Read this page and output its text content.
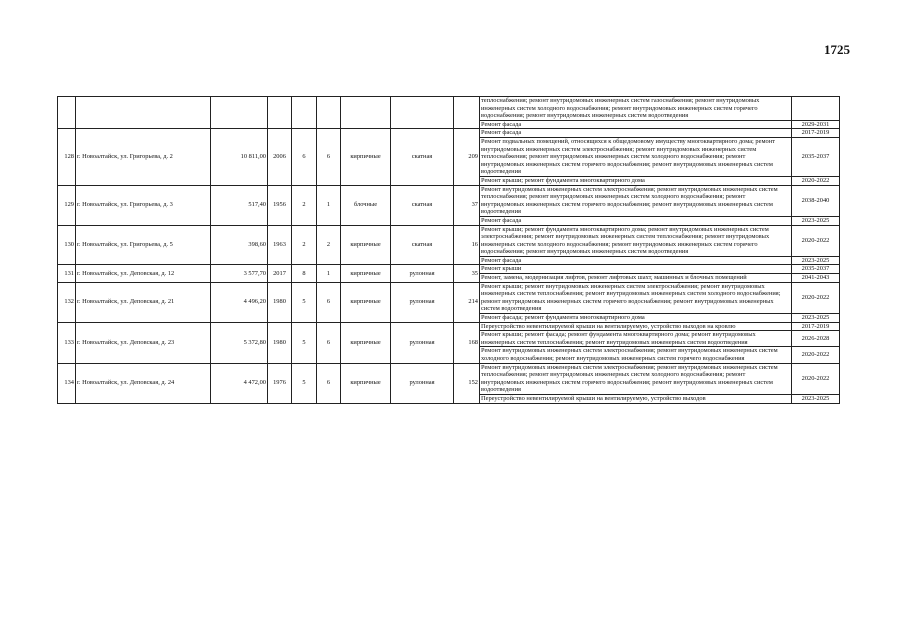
1725
									теплоснабжения; ремонт внутридомовых инженерных систем газоснабжения; ремонт внутридомовых инженерных систем холодного водоснабжения; ремонт внутридомовых инженерных систем горячего водоснабжения; ремонт внутридомовых инженерных систем водоотведения	
									Ремонт фасада	2029-2031
128	г. Новоалтайск, ул. Григорьева, д. 2	10 811,00	2006	6	6	кирпичные	скатная	209	Ремонт фасада	2017-2019
									Ремонт подвальных помещений, относящихся к общедомовому имуществу многоквартирного дома; ремонт внутридомовых инженерных систем электроснабжения; ремонт внутридомовых инженерных систем теплоснабжения; ремонт внутридомовых инженерных систем холодного водоснабжения; ремонт внутридомовых инженерных систем горячего водоснабжения; ремонт внутридомовых инженерных систем водоотведения	2035-2037
									Ремонт крыши; ремонт фундамента многоквартирного дома	2020-2022
129	г. Новоалтайск, ул. Григорьева, д. 3	517,40	1956	2	1	блочные	скатная	37	Ремонт внутридомовых инженерных систем электроснабжения; ремонт внутридомовых инженерных систем теплоснабжения; ремонт внутридомовых инженерных систем холодного водоснабжения; ремонт внутридомовых инженерных систем горячего водоснабжения; ремонт внутридомовых инженерных систем водоотведения	2038-2040
									Ремонт фасада	2023-2025
130	г. Новоалтайск, ул. Григорьева, д. 5	398,60	1963	2	2	кирпичные	скатная	16	Ремонт крыши; ремонт фундамента многоквартирного дома; ремонт внутридомовых инженерных систем электроснабжения; ремонт внутридомовых инженерных систем теплоснабжения; ремонт внутридомовых инженерных систем холодного водоснабжения; ремонт внутридомовых инженерных систем горячего водоснабжения; ремонт внутридомовых инженерных систем водоотведения	2020-2022
									Ремонт фасада	2023-2025
131	г. Новоалтайск, ул. Деповская, д. 12	3 577,70	2017	8	1	кирпичные	рулонная	35	Ремонт крыши	2035-2037
									Ремонт, замена, модернизация лифтов, ремонт лифтовых шахт, машинных и блочных помещений	2041-2043
132	г. Новоалтайск, ул. Деповская, д. 21	4 496,20	1980	5	6	кирпичные	рулонная	214	Ремонт крыши; ремонт внутридомовых инженерных систем электроснабжения; ремонт внутридомовых инженерных систем теплоснабжения; ремонт внутридомовых инженерных систем холодного водоснабжения; ремонт внутридомовых инженерных систем горячего водоснабжения; ремонт внутридомовых инженерных систем водоотведения	2020-2022
									Ремонт фасада; ремонт фундамента многоквартирного дома	2023-2025
133	г. Новоалтайск, ул. Деповская, д. 23	5 372,80	1980	5	6	кирпичные	рулонная	168	Переустройство невентилируемой крыши на вентилируемую, устройство выходов на кровлю	2017-2019
									Ремонт крыши; ремонт фасада; ремонт фундамента многоквартирного дома; ремонт внутридомовых инженерных систем теплоснабжения; ремонт внутридомовых инженерных систем водоотведения	2026-2028
									Ремонт внутридомовых инженерных систем электроснабжения; ремонт внутридомовых инженерных систем холодного водоснабжения; ремонт внутридомовых инженерных систем горячего водоснабжения	2020-2022
134	г. Новоалтайск, ул. Деповская, д. 24	4 472,00	1976	5	6	кирпичные	рулонная	152	Ремонт внутридомовых инженерных систем электроснабжения; ремонт внутридомовых инженерных систем теплоснабжения; ремонт внутридомовых инженерных систем холодного водоснабжения; ремонт внутридомовых инженерных систем горячего водоснабжения; ремонт внутридомовых инженерных систем водоотведения	2020-2022
									Переустройство невентилируемой крыши на вентилируемую, устройство выходов	2023-2025
